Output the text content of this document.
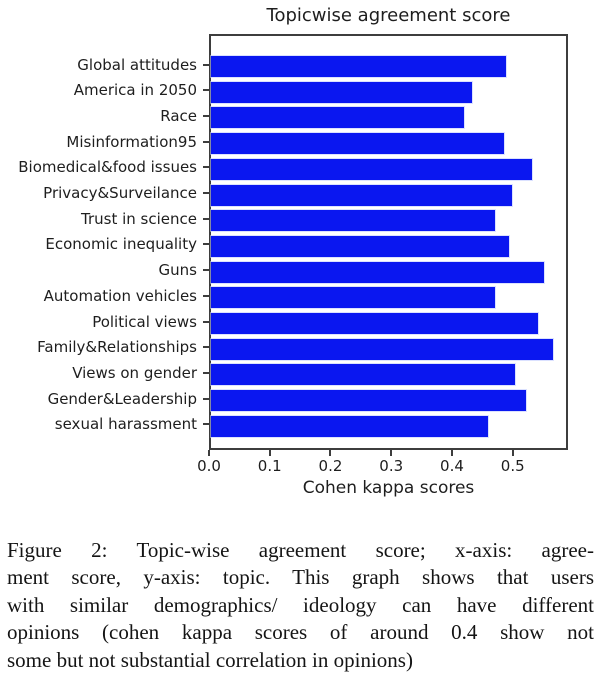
Topicwise agreement score
Global attitudes
America in 2050
Race
Misinformation95
Biomedical&food issues
Privacy&Surveilance
Trust in science
Economic inequality
Guns
Automation vehicles
Political views
Family&Relationships
Views on gender
Gender&Leadership
sexual harassment
0.0 0.1 0.2 0.3 0.4 0.5
Cohen kappa scores
Figure 2: Topic-wise agreement score; x-axis: agree-
ment score, y-axis: topic. This graph shows that users
with similar demographics/ ideology can have different
opinions (cohen kappa scores of around 0.4 show not
some but not substantial correlation in opinions)
